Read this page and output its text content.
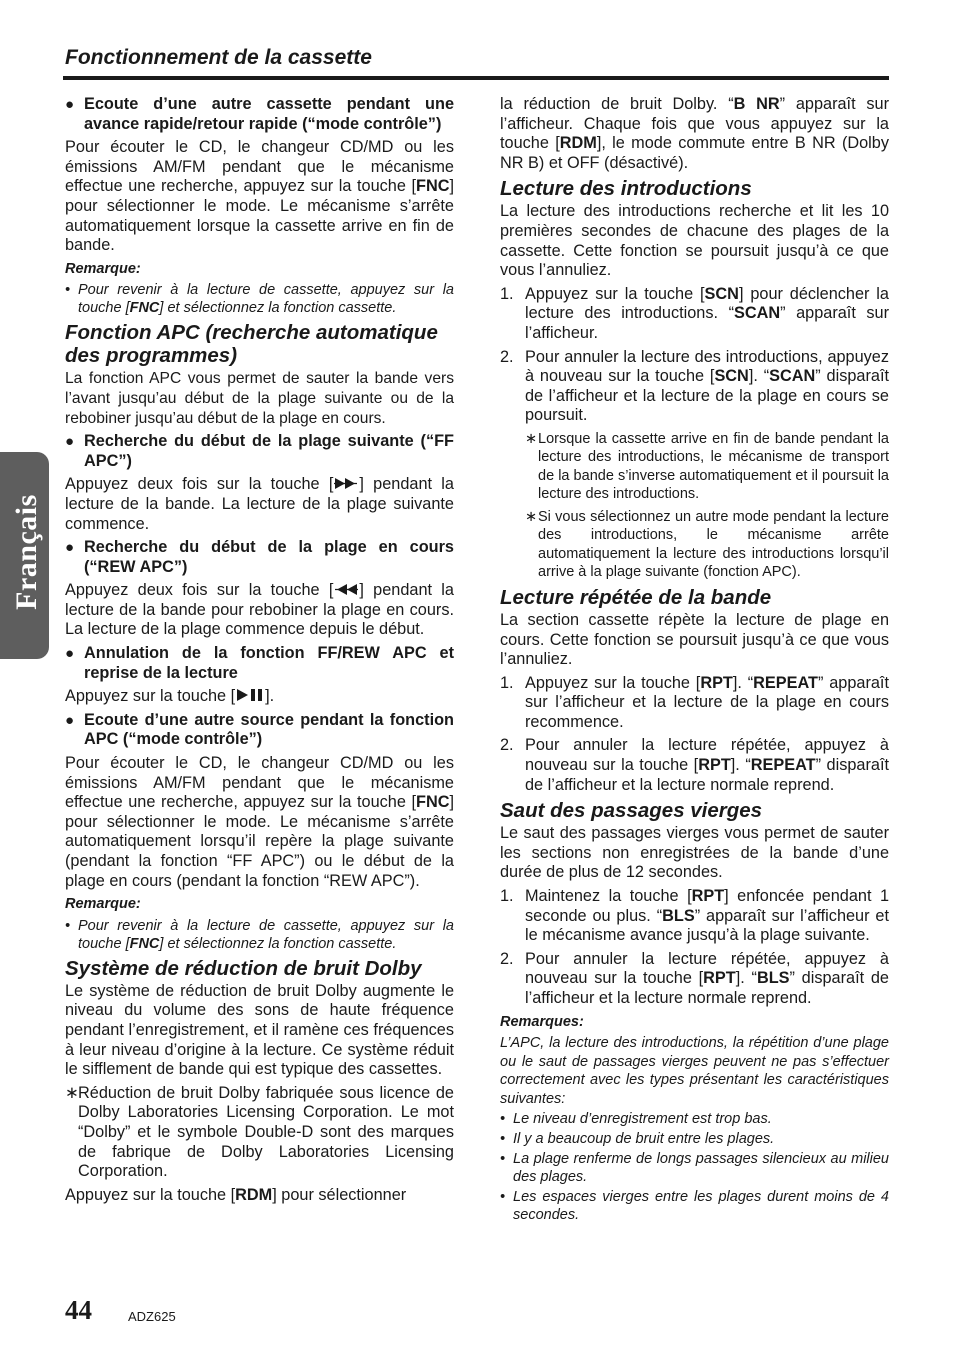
Fonctionnement de la cassette
Français
● Ecoute d’une autre cassette pendant une avance rapide/retour rapide (“mode contrôle”)

Pour écouter le CD, le changeur CD/MD ou les émissions AM/FM pendant que le mécanisme effectue une recherche, appuyez sur la touche [FNC] pour sélectionner le mode. Le mécanisme s’arrête automatiquement lorsque la cassette arrive en fin de bande.

Remarque:
• Pour revenir à la lecture de cassette, appuyez sur la touche [FNC] et sélectionnez la fonction cassette.
Fonction APC (recherche automatique des programmes)

La fonction APC vous permet de sauter la bande vers l’avant jusqu’au début de la plage suivante ou de la rebobiner jusqu’au début de la plage en cours.

● Recherche du début de la plage suivante (“FF APC”)

Appuyez deux fois sur la touche [ ] pendant la lecture de la bande. La lecture de la plage suivante commence.

● Recherche du début de la plage en cours (“REW APC”)

Appuyez deux fois sur la touche [ ] pendant la lecture de la bande pour rebobiner la plage en cours. La lecture de la plage commence depuis le début.

● Annulation de la fonction FF/REW APC et reprise de la lecture

Appuyez sur la touche [ ].

● Ecoute d’une autre source pendant la fonction APC (“mode contrôle”)

Pour écouter le CD, le changeur CD/MD ou les émissions AM/FM pendant que le mécanisme effectue une recherche, appuyez sur la touche [FNC] pour sélectionner le mode. Le mécanisme s’arrête automatiquement lorsqu’il repère la plage suivante (pendant la fonction “FF APC”) ou le début de la plage en cours (pendant la fonction “REW APC”).

Remarque:
• Pour revenir à la lecture de cassette, appuyez sur la touche [FNC] et sélectionnez la fonction cassette.
Système de réduction de bruit Dolby

Le système de réduction de bruit Dolby augmente le niveau du volume des sons de haute fréquence pendant l’enregistrement, et il ramène ces fréquences à leur niveau d’origine à la lecture. Ce système réduit le sifflement de bande qui est typique des cassettes.

∗ Réduction de bruit Dolby fabriquée sous licence de Dolby Laboratories Licensing Corporation. Le mot “Dolby” et le symbole Double-D sont des marques de fabrique de Dolby Laboratories Licensing Corporation.

Appuyez sur la touche [RDM] pour sélectionner

la réduction de bruit Dolby. “B NR” apparaît sur l’afficheur. Chaque fois que vous appuyez sur la touche [RDM], le mode commute entre B NR (Dolby NR B) et OFF (désactivé).

Lecture des introductions

La lecture des introductions recherche et lit les 10 premières secondes de chacune des plages de la cassette. Cette fonction se poursuit jusqu’à ce que vous l’annuliez.

1. Appuyez sur la touche [SCN] pour déclencher la lecture des introductions. “SCAN” apparaît sur l’afficheur.
2. Pour annuler la lecture des introductions, appuyez à nouveau sur la touche [SCN]. “SCAN” disparaît de l’afficheur et la lecture de la plage en cours se poursuit.
∗ Lorsque la cassette arrive en fin de bande pendant la lecture des introductions, le mécanisme de transport de la bande s’inverse automatiquement et il poursuit la lecture des introductions.
∗ Si vous sélectionnez un autre mode pendant la lecture des introductions, le mécanisme arrête automatiquement la lecture des introductions lorsqu’il arrive à la plage suivante (fonction APC).
Lecture répétée de la bande

La section cassette répète la lecture de plage en cours. Cette fonction se poursuit jusqu’à ce que vous l’annuliez.

1. Appuyez sur la touche [RPT]. “REPEAT” apparaît sur l’afficheur et la lecture de la plage en cours recommence.
2. Pour annuler la lecture répétée, appuyez à nouveau sur la touche [RPT]. “REPEAT” disparaît de l’afficheur et la lecture normale reprend.
Saut des passages vierges

Le saut des passages vierges vous permet de sauter les sections non enregistrées de la bande d’une durée de plus de 12 secondes.

1. Maintenez la touche [RPT] enfoncée pendant 1 seconde ou plus. “BLS” apparaît sur l’afficheur et le mécanisme avance jusqu’à la plage suivante.
2. Pour annuler la lecture répétée, appuyez à nouveau sur la touche [RPT]. “BLS” disparaît de l’afficheur et la lecture normale reprend.
Remarques:
L’APC, la lecture des introductions, la répétition d’une plage ou le saut de passages vierges peuvent ne pas s’effectuer correctement avec les types présentant les caractéristiques suivantes:
• Le niveau d’enregistrement est trop bas.
• Il y a beaucoup de bruit entre les plages.
• La plage renferme de longs passages silencieux au milieu des plages.
• Les espaces vierges entre les plages durent moins de 4 secondes.
44	ADZ625
